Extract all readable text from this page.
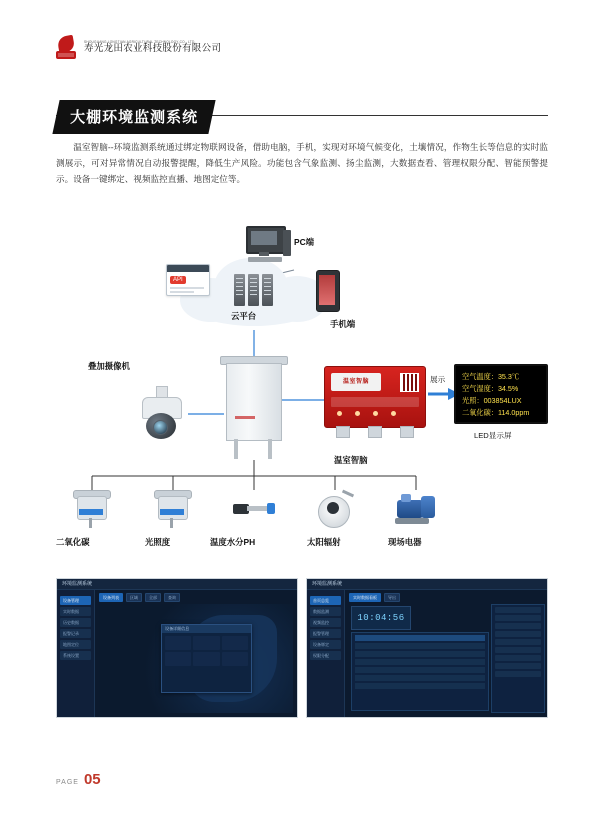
SHOUGUANG LONGTIAN AGRICULTURAL TECHNOLOGY CO., LTD.
寿光龙田农业科技股份有限公司
大棚环境监测系统
温室智脑--环境监测系统通过绑定物联网设备，借助电脑，手机，实现对环境气候变化，土壤情况，作物生长等信息的实时监测展示，可对异常情况自动报警提醒，降低生产风险。功能包含气象监测、扬尘监测，大数据查看、管理权限分配、智能预警提示。设备一键绑定、视频监控直播、地图定位等。
云平台
PC端
API
手机端
叠加摄像机
温室智脑
温室智脑
展示 空气温度：35.3℃
空气湿度：34.5%
光照：003854LUX
二氧化碳：114.0ppm
LED显示屏
二氧化碳	光照度	温度水分PH	太阳辐射	现场电器
环境监测系统
设备管理
实时数据
历史数据
报警记录
地图定位
系统设置
设备列表	区域	全部	查询
设备详细信息
环境监测系统
首页总览
数据监测
视频监控
报警管理
设备绑定
权限分配
实时数据看板	导出
10:04:56
PAGE 05
